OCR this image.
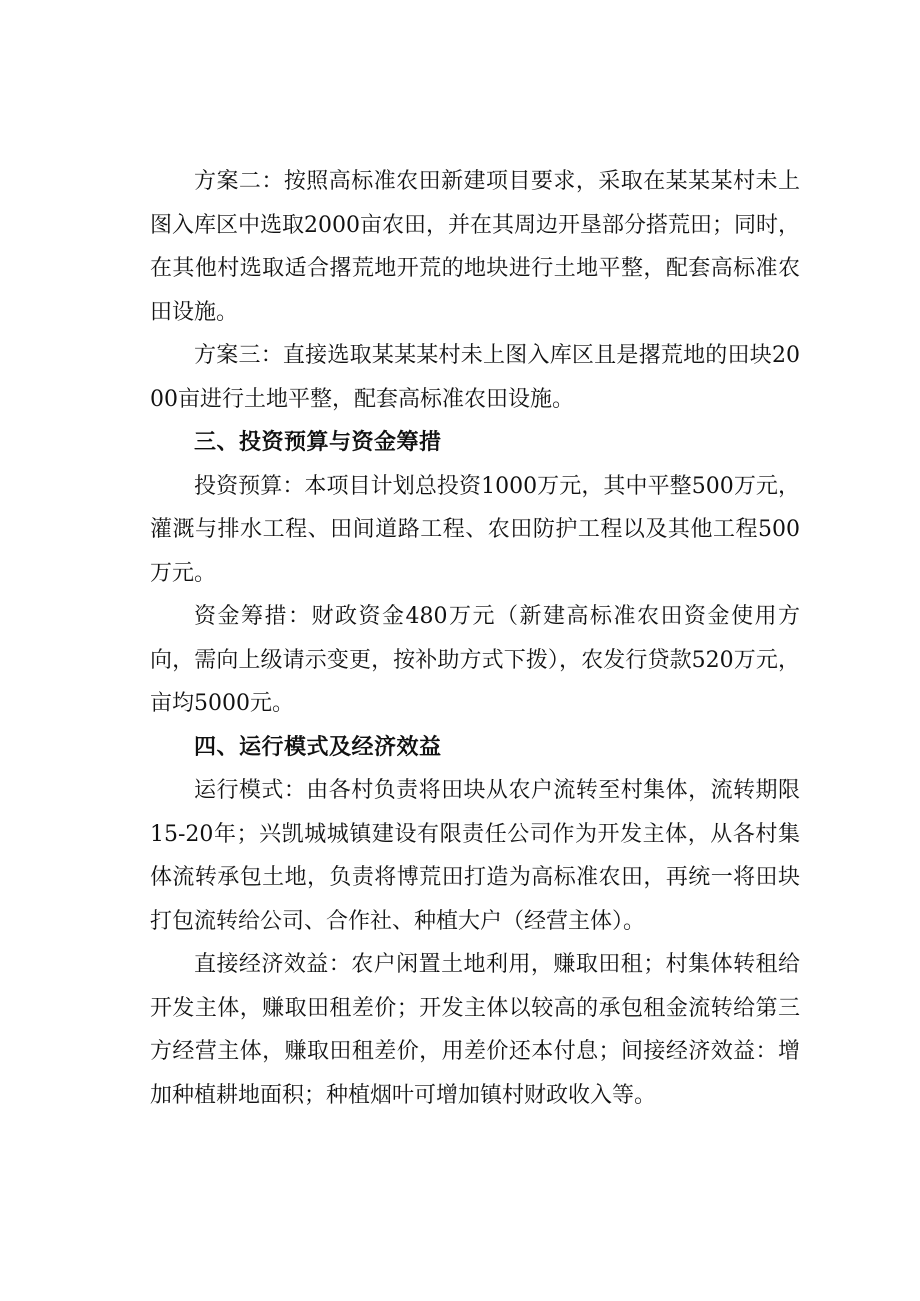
方案二：按照高标准农田新建项目要求，采取在某某某村未上图入库区中选取2000亩农田，并在其周边开垦部分搭荒田；同时，在其他村选取适合撂荒地开荒的地块进行土地平整，配套高标准农田设施。

方案三：直接选取某某某村未上图入库区且是撂荒地的田块2000亩进行土地平整，配套高标准农田设施。

三、投资预算与资金筹措

投资预算：本项目计划总投资1000万元，其中平整500万元，灌溉与排水工程、田间道路工程、农田防护工程以及其他工程500万元。

资金筹措：财政资金480万元（新建高标准农田资金使用方向，需向上级请示变更，按补助方式下拨），农发行贷款520万元，亩均5000元。

四、运行模式及经济效益

运行模式：由各村负责将田块从农户流转至村集体，流转期限15-20年；兴凯城城镇建设有限责任公司作为开发主体，从各村集体流转承包土地，负责将博荒田打造为高标准农田，再统一将田块打包流转给公司、合作社、种植大户（经营主体）。

直接经济效益：农户闲置土地利用，赚取田租；村集体转租给开发主体，赚取田租差价；开发主体以较高的承包租金流转给第三方经营主体，赚取田租差价，用差价还本付息；间接经济效益：增加种植耕地面积；种植烟叶可增加镇村财政收入等。
